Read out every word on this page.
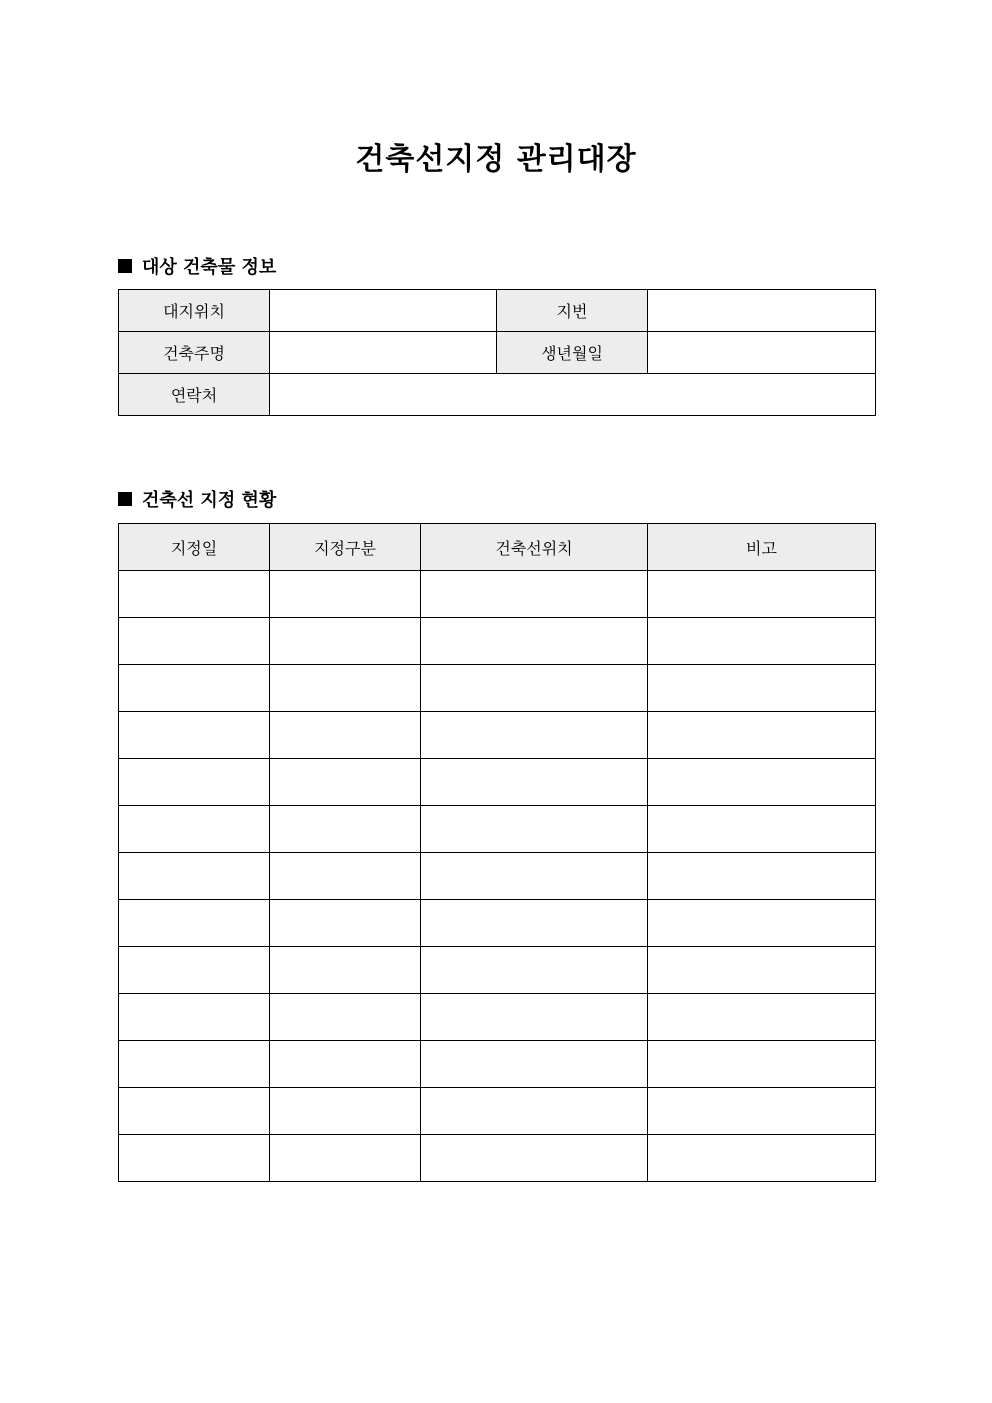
건축선지정 관리대장
대상 건축물 정보
대지위치		지번	
건축주명		생년월일	
연락처			
건축선 지정 현황
지정일	지정구분	건축선위치	비고
